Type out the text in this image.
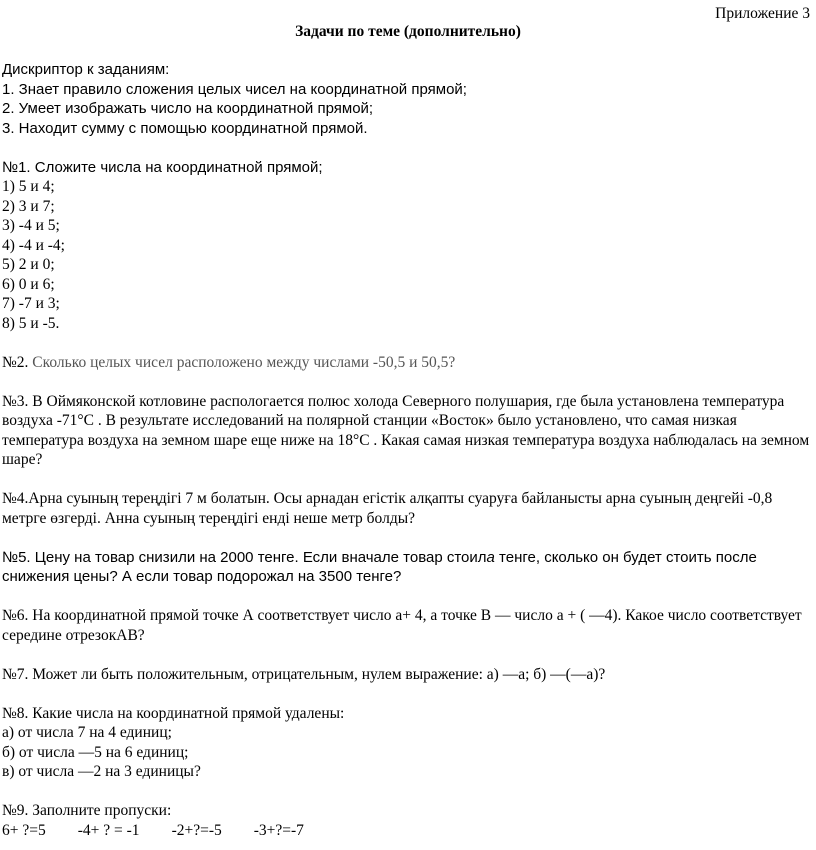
Приложение 3
Задачи по теме (дополнительно)
Дискриптор к заданиям:
1. Знает правило сложения целых чисел на координатной прямой;
2. Умеет изображать число на координатной прямой;
3. Находит сумму с помощью координатной прямой.
№1. Сложите числа на координатной прямой;
1) 5 и 4;
2) 3 и 7;
3) -4 и 5;
4) -4 и -4;
5) 2 и 0;
6) 0 и 6;
7) -7 и 3;
8) 5 и -5.
№2. Сколько целых чисел расположено между числами -50,5 и 50,5?
№3. В Оймяконской котловине распологается полюс холода Северного полушария, где была установлена температура воздуха -71°С . В результате исследований на полярной станции «Восток» было установлено, что самая низкая температура воздуха на земном шаре еще ниже на 18°С . Какая самая низкая температура воздуха наблюдалась на земном шаре?
№4.Арна суының тереңдігі 7 м болатын. Осы арнадан егістік алқапты суаруға байланысты арна суының деңгейі -0,8 метрге өзгерді. Анна суының тереңдігі енді неше метр болды?
№5. Цену на товар снизили на 2000 тенге. Если вначале товар стоила тенге, сколько он будет стоить после снижения цены? А если товар подорожал на 3500 тенге?
№6. На координатной прямой точке А соответствует число а+ 4, а точке В — число а + ( —4). Какое число соответствует середине отрезокАВ?
№7. Может ли быть положительным, отрицательным, нулем выражение: а) —а; б) —(—а)?
№8. Какие числа на координатной прямой удалены:
а) от числа 7 на 4 единиц;
б) от числа —5 на 6 единиц;
в) от числа —2 на 3 единицы?
№9. Заполните пропуски:
6+ ?=5 -4+ ? = -1 -2+?=-5 -3+?=-7
